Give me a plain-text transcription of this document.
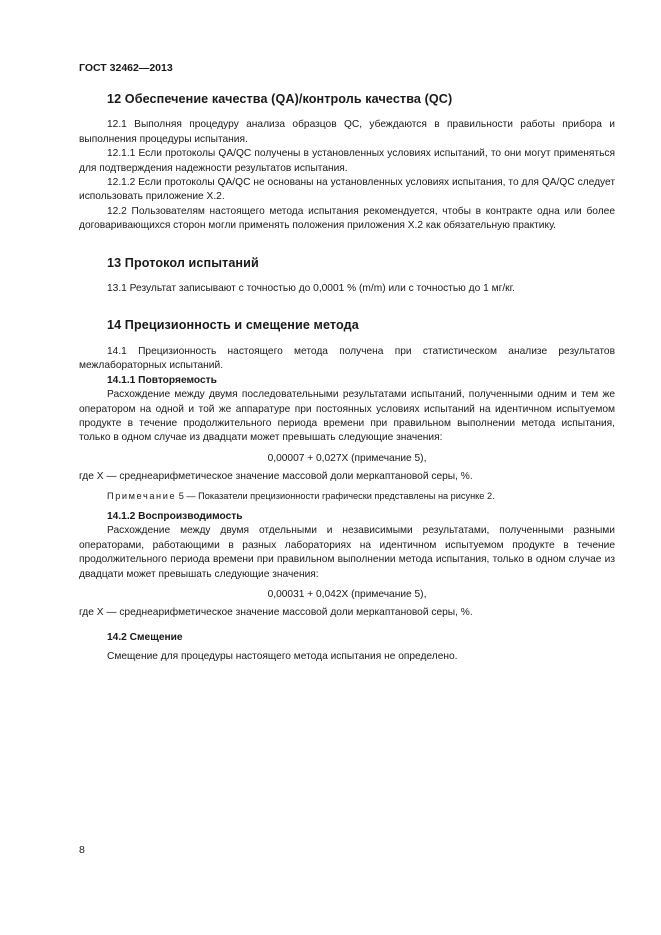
ГОСТ 32462—2013
12 Обеспечение качества (QA)/контроль качества (QC)

12.1 Выполняя процедуру анализа образцов QC, убеждаются в правильности работы прибора и выполнения процедуры испытания.

12.1.1 Если протоколы QA/QC получены в установленных условиях испытаний, то они могут применяться для подтверждения надежности результатов испытания.

12.1.2 Если протоколы QA/QC не основаны на установленных условиях испытания, то для QA/QC следует использовать приложение Х.2.

12.2 Пользователям настоящего метода испытания рекомендуется, чтобы в контракте одна или более договаривающихся сторон могли применять положения приложения Х.2 как обязательную практику.

13 Протокол испытаний

13.1 Результат записывают с точностью до 0,0001 % (m/m) или с точностью до 1 мг/кг.

14 Прецизионность и смещение метода

14.1 Прецизионность настоящего метода получена при статистическом анализе результатов межлабораторных испытаний.

14.1.1 Повторяемость

Расхождение между двумя последовательными результатами испытаний, полученными одним и тем же оператором на одной и той же аппаратуре при постоянных условиях испытаний на идентичном испытуемом продукте в течение продолжительного периода времени при правильном выполнении метода испытания, только в одном случае из двадцати может превышать следующие значения:

0,00007 + 0,027X (примечание 5),

где X — среднеарифметическое значение массовой доли меркаптановой серы, %.

Примечание 5 — Показатели прецизионности графически представлены на рисунке 2.

14.1.2 Воспроизводимость

Расхождение между двумя отдельными и независимыми результатами, полученными разными операторами, работающими в разных лабораториях на идентичном испытуемом продукте в течение продолжительного периода времени при правильном выполнении метода испытания, только в одном случае из двадцати может превышать следующие значения:

0,00031 + 0,042X (примечание 5),

где X — среднеарифметическое значение массовой доли меркаптановой серы, %.

14.2 Смещение

Смещение для процедуры настоящего метода испытания не определено.

8
